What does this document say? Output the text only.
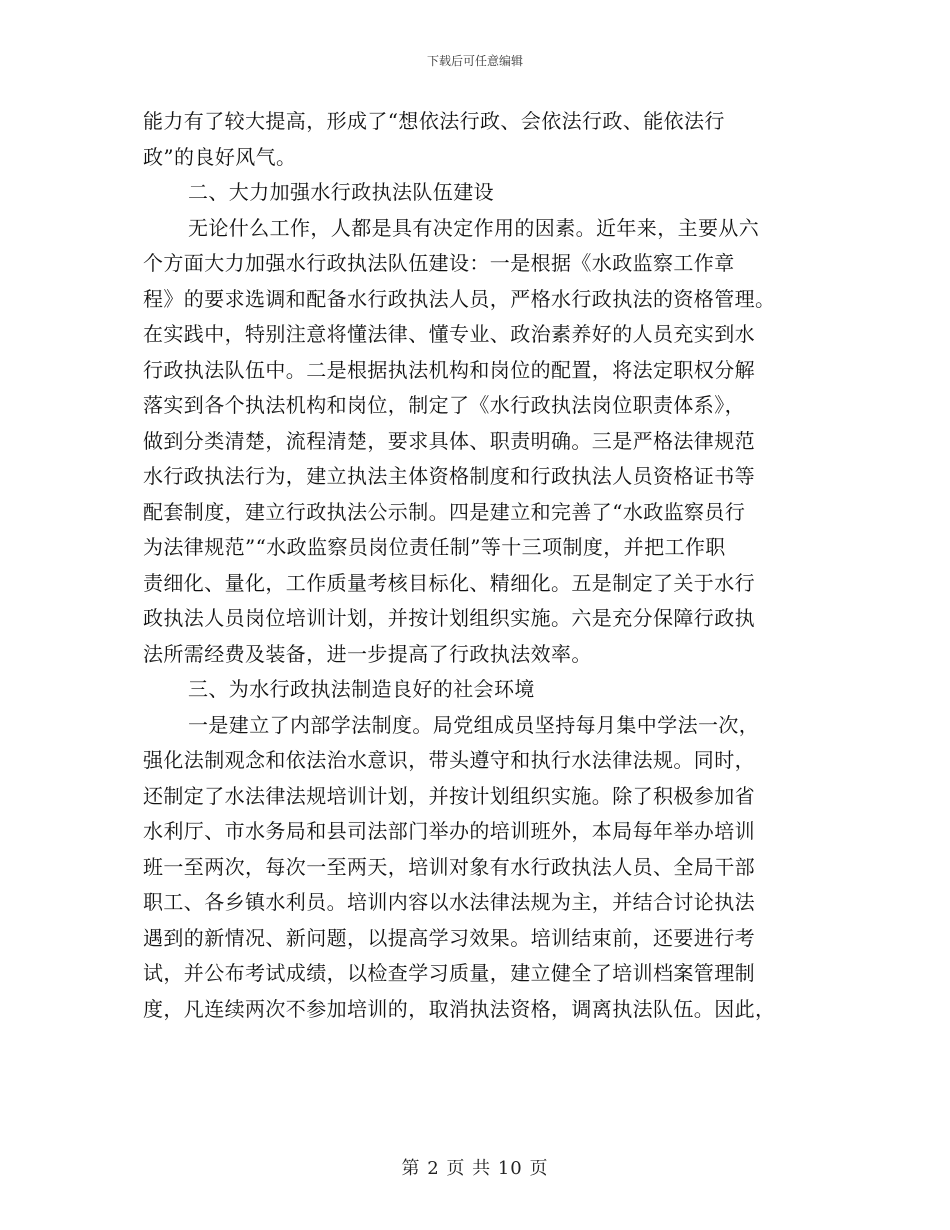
下载后可任意编辑
能力有了较大提高，形成了“想依法行政、会依法行政、能依法行
政”的良好风气。
二、大力加强水行政执法队伍建设
无论什么工作，人都是具有决定作用的因素。近年来，主要从六
个方面大力加强水行政执法队伍建设：一是根据《水政监察工作章
程》的要求选调和配备水行政执法人员，严格水行政执法的资格管理。
在实践中，特别注意将懂法律、懂专业、政治素养好的人员充实到水
行政执法队伍中。二是根据执法机构和岗位的配置，将法定职权分解
落实到各个执法机构和岗位，制定了《水行政执法岗位职责体系》，
做到分类清楚，流程清楚，要求具体、职责明确。三是严格法律规范
水行政执法行为，建立执法主体资格制度和行政执法人员资格证书等
配套制度，建立行政执法公示制。四是建立和完善了“水政监察员行
为法律规范”“水政监察员岗位责任制”等十三项制度，并把工作职
责细化、量化，工作质量考核目标化、精细化。五是制定了关于水行
政执法人员岗位培训计划，并按计划组织实施。六是充分保障行政执
法所需经费及装备，进一步提高了行政执法效率。
三、为水行政执法制造良好的社会环境
一是建立了内部学法制度。局党组成员坚持每月集中学法一次，
强化法制观念和依法治水意识，带头遵守和执行水法律法规。同时，
还制定了水法律法规培训计划，并按计划组织实施。除了积极参加省
水利厅、市水务局和县司法部门举办的培训班外，本局每年举办培训
班一至两次，每次一至两天，培训对象有水行政执法人员、全局干部
职工、各乡镇水利员。培训内容以水法律法规为主，并结合讨论执法
遇到的新情况、新问题，以提高学习效果。培训结束前，还要进行考
试，并公布考试成绩，以检查学习质量，建立健全了培训档案管理制
度，凡连续两次不参加培训的，取消执法资格，调离执法队伍。因此，
第 2 页 共 10 页
